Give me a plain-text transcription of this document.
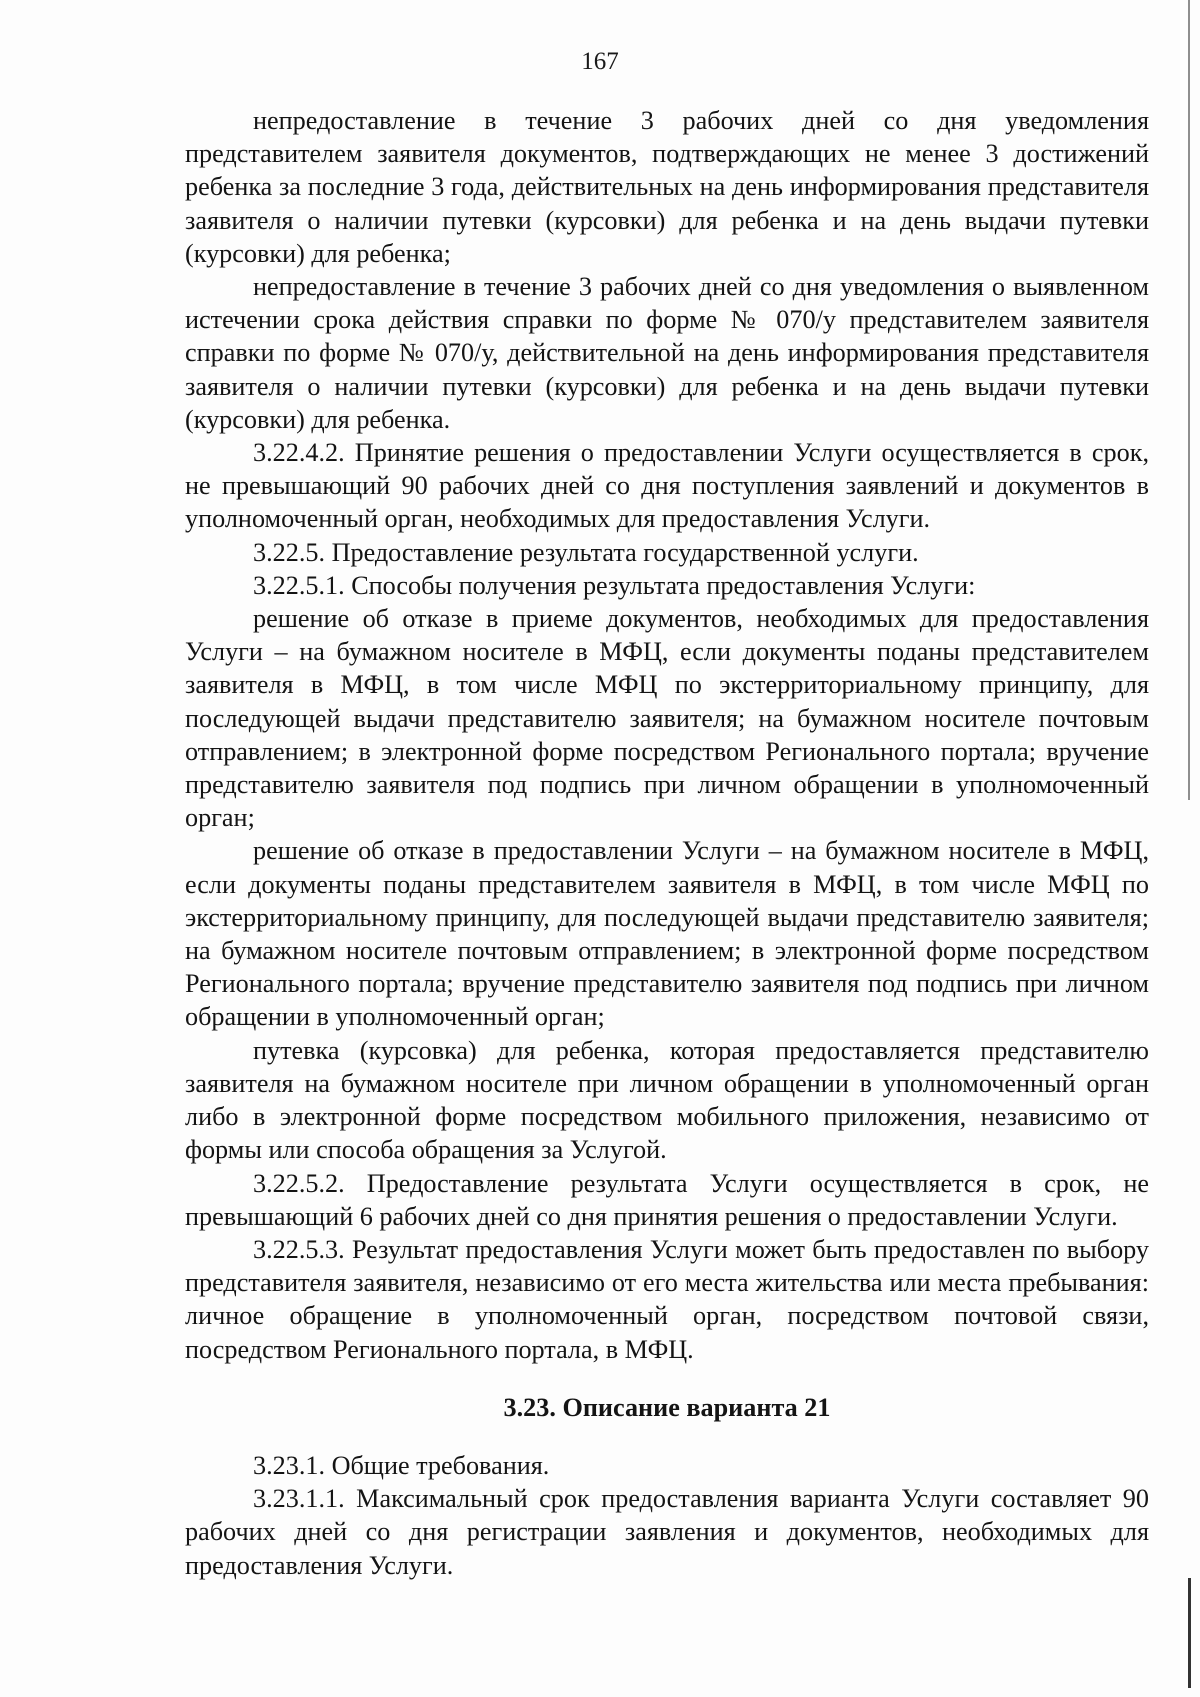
167

непредоставление в течение 3 рабочих дней со дня уведомления представителем заявителя документов, подтверждающих не менее 3 достижений ребенка за последние 3 года, действительных на день информирования представителя заявителя о наличии путевки (курсовки) для ребенка и на день выдачи путевки (курсовки) для ребенка;

непредоставление в течение 3 рабочих дней со дня уведомления о выявленном истечении срока действия справки по форме № 070/у представителем заявителя справки по форме № 070/у, действительной на день информирования представителя заявителя о наличии путевки (курсовки) для ребенка и на день выдачи путевки (курсовки) для ребенка.

3.22.4.2. Принятие решения о предоставлении Услуги осуществляется в срок, не превышающий 90 рабочих дней со дня поступления заявлений и документов в уполномоченный орган, необходимых для предоставления Услуги.

3.22.5. Предоставление результата государственной услуги.

3.22.5.1. Способы получения результата предоставления Услуги:

решение об отказе в приеме документов, необходимых для предоставления Услуги – на бумажном носителе в МФЦ, если документы поданы представителем заявителя в МФЦ, в том числе МФЦ по экстерриториальному принципу, для последующей выдачи представителю заявителя; на бумажном носителе почтовым отправлением; в электронной форме посредством Регионального портала; вручение представителю заявителя под подпись при личном обращении в уполномоченный орган;

решение об отказе в предоставлении Услуги – на бумажном носителе в МФЦ, если документы поданы представителем заявителя в МФЦ, в том числе МФЦ по экстерриториальному принципу, для последующей выдачи представителю заявителя; на бумажном носителе почтовым отправлением; в электронной форме посредством Регионального портала; вручение представителю заявителя под подпись при личном обращении в уполномоченный орган;

путевка (курсовка) для ребенка, которая предоставляется представителю заявителя на бумажном носителе при личном обращении в уполномоченный орган либо в электронной форме посредством мобильного приложения, независимо от формы или способа обращения за Услугой.

3.22.5.2. Предоставление результата Услуги осуществляется в срок, не превышающий 6 рабочих дней со дня принятия решения о предоставлении Услуги.

3.22.5.3. Результат предоставления Услуги может быть предоставлен по выбору представителя заявителя, независимо от его места жительства или места пребывания: личное обращение в уполномоченный орган, посредством почтовой связи, посредством Регионального портала, в МФЦ.

3.23. Описание варианта 21

3.23.1. Общие требования.

3.23.1.1. Максимальный срок предоставления варианта Услуги составляет 90 рабочих дней со дня регистрации заявления и документов, необходимых для предоставления Услуги.
